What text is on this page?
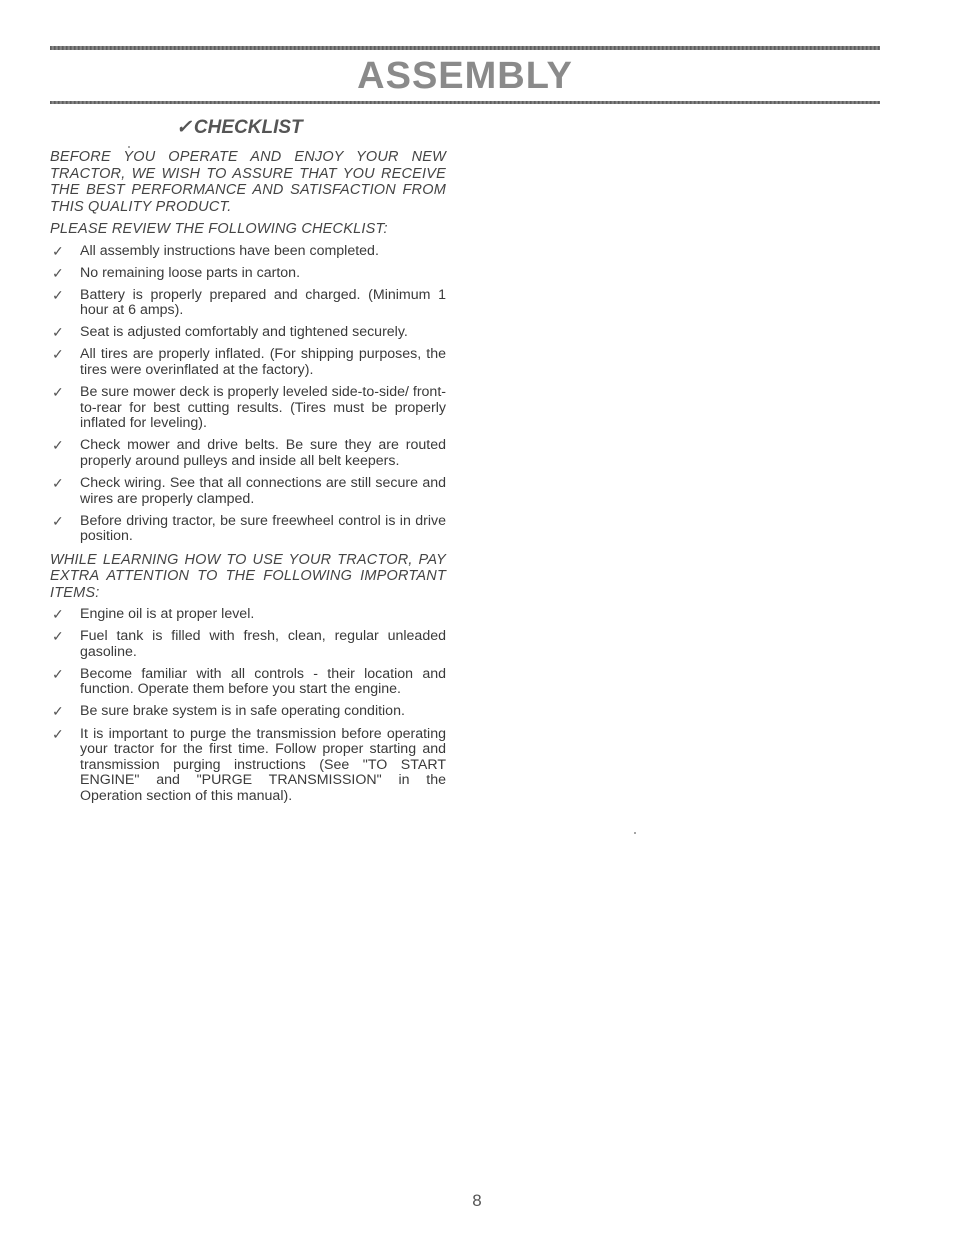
ASSEMBLY
✓ CHECKLIST

BEFORE YOU OPERATE AND ENJOY YOUR NEW TRACTOR, WE WISH TO ASSURE THAT YOU RECEIVE THE BEST PERFORMANCE AND SATISFACTION FROM THIS QUALITY PRODUCT.

PLEASE REVIEW THE FOLLOWING CHECKLIST:

✓	All assembly instructions have been completed.
✓	No remaining loose parts in carton.
✓	Battery is properly prepared and charged. (Minimum 1 hour at 6 amps).
✓	Seat is adjusted comfortably and tightened securely.
✓	All tires are properly inflated. (For shipping purposes, the tires were overinflated at the factory).
✓	Be sure mower deck is properly leveled side-to-side/ front-to-rear for best cutting results. (Tires must be properly inflated for leveling).
✓	Check mower and drive belts. Be sure they are routed properly around pulleys and inside all belt keepers.
✓	Check wiring. See that all connections are still secure and wires are properly clamped.
✓	Before driving tractor, be sure freewheel control is in drive position.

WHILE LEARNING HOW TO USE YOUR TRACTOR, PAY EXTRA ATTENTION TO THE FOLLOWING IMPORTANT ITEMS:

✓	Engine oil is at proper level.
✓	Fuel tank is filled with fresh, clean, regular unleaded gasoline.
✓	Become familiar with all controls - their location and function. Operate them before you start the engine.
✓	Be sure brake system is in safe operating condition.
✓	It is important to purge the transmission before operating your tractor for the first time. Follow proper starting and transmission purging instructions (See "TO START ENGINE" and "PURGE TRANSMISSION" in the Operation section of this manual).
8
